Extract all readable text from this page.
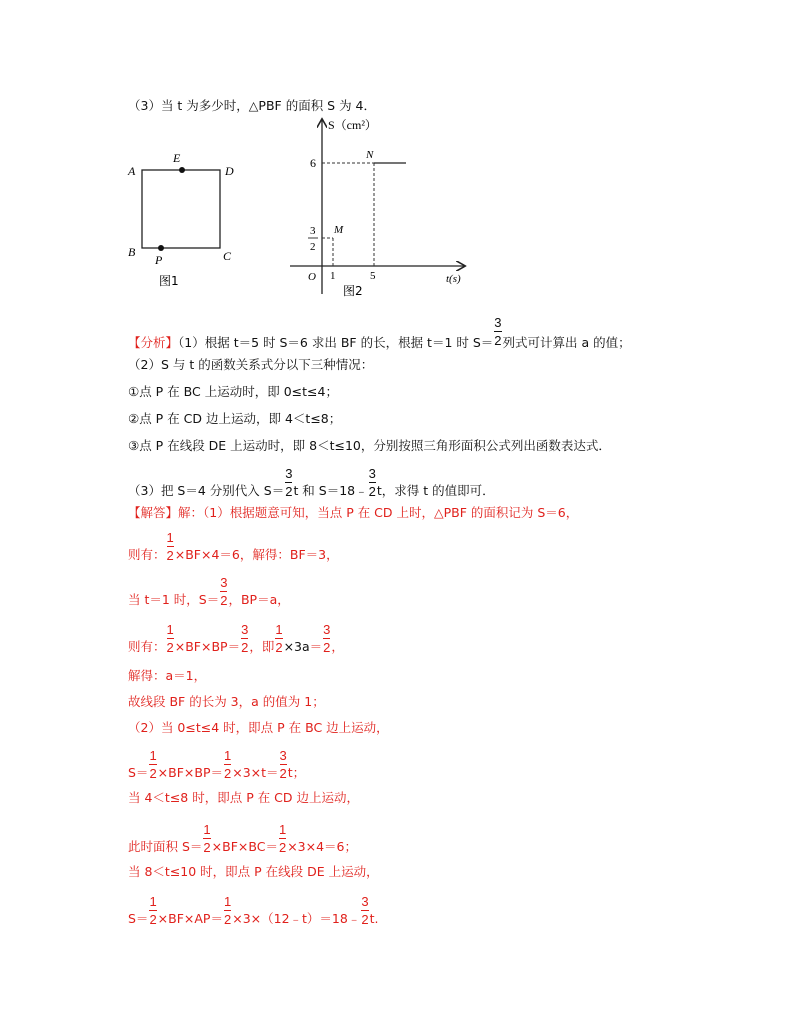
（3）当 t 为多少时，△PBF 的面积 S 为 4．
A
E
D
B
P	C
图1
S（cm²）
t(s)
O
6
3
2
1	5
M
N
图2
【分析】（1）根据 t＝5 时 S＝6 求出 BF 的长，根据 t＝1 时 $S= \frac{3}{2}$ 列式可计算出 a 的值；
（2）S 与 t 的函数关系式分以下三种情况：
①点 P 在 BC 上运动时，即 0≤t≤4；
②点 P 在 CD 边上运动，即 4＜t≤8；
③点 P 在线段 DE 上运动时，即 8＜t≤10，分别按照三角形面积公式列出函数表达式．
（3）把 S＝4 分别代入 $S= \frac{3}{2}$ t 和 S＝18﹣ $\frac{3}{2}$ t，求得 t 的值即可．
【解答】解：（1）根据题意可知，当点 P 在 CD 上时，△PBF 的面积记为 S＝6，
则有： $\frac{1}{2} \times BF\times 4=6$，解得：BF＝3，
当 t＝1 时，$S= \frac{3}{2}$ ，BP＝a，
则有： $\frac{1}{2} \times BF\times BP= \frac{3}{2}$ ，即 $\frac{1}{2} \times 3a= \frac{3}{2}$ ，
解得：a＝1，
故线段 BF 的长为 3，a 的值为 1；
（2）当 0≤t≤4 时，即点 P 在 BC 边上运动，
$S= \frac{1}{2} \times BF\times BP= \frac{1}{2} \times 3\times t= \frac{3}{2}$ t；
当 4＜t≤8 时，即点 P 在 CD 边上运动，
此时面积 $S= \frac{1}{2} \times BF\times BC= \frac{1}{2} \times 3\times 4=6$；
当 8＜t≤10 时，即点 P 在线段 DE 上运动，
$S= \frac{1}{2} \times BF\times AP= \frac{1}{2}$ ×3×（12﹣t）＝18﹣ $\frac{3}{2} t$.
